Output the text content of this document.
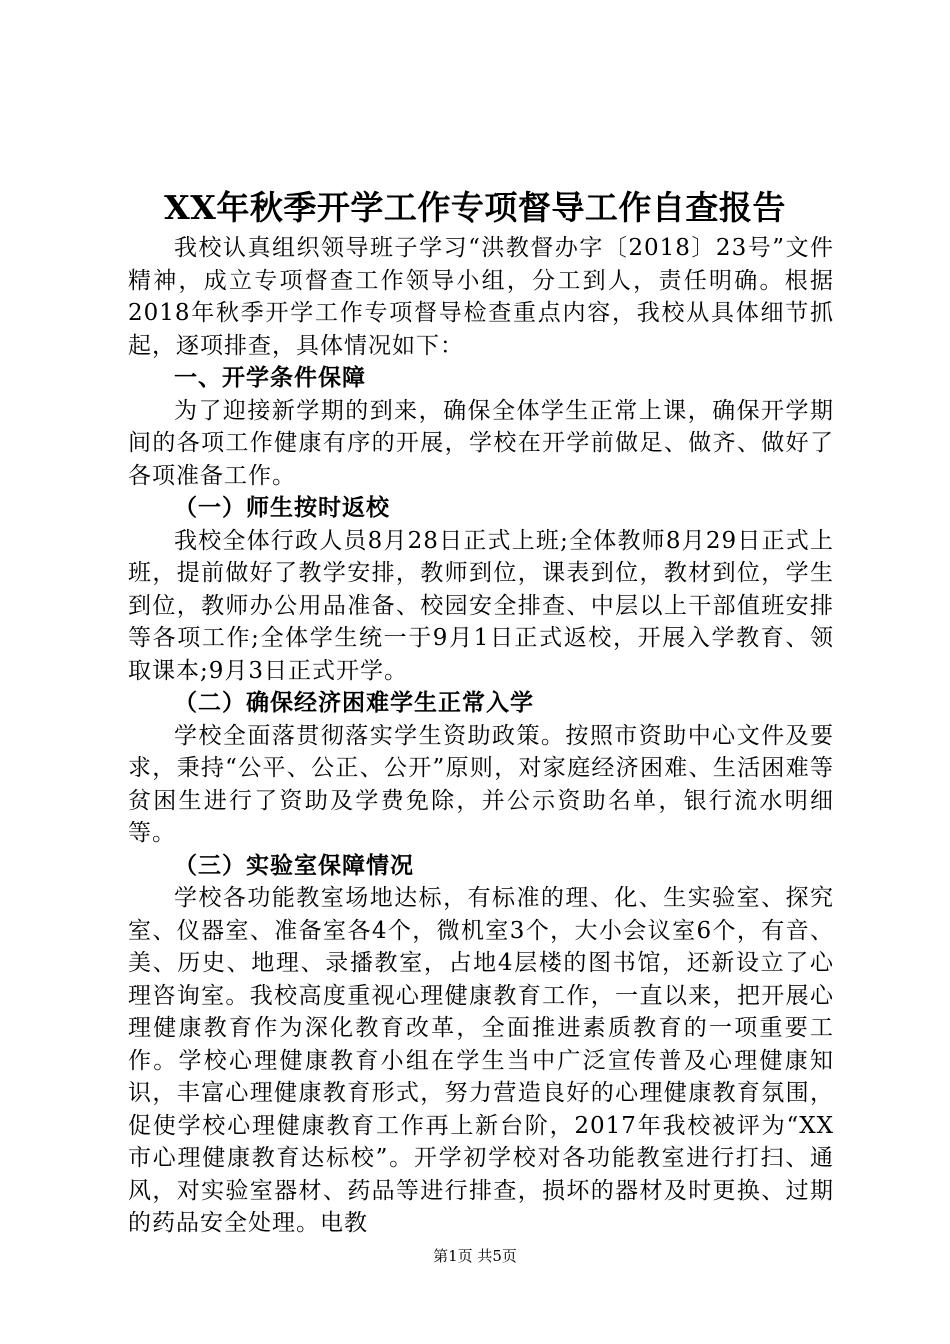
XX年秋季开学工作专项督导工作自查报告

我校认真组织领导班子学习“洪教督办字〔2018〕23号”文件精神，成立专项督查工作领导小组，分工到人，责任明确。根据2018年秋季开学工作专项督导检查重点内容，我校从具体细节抓起，逐项排查，具体情况如下：

一、开学条件保障

为了迎接新学期的到来，确保全体学生正常上课，确保开学期间的各项工作健康有序的开展，学校在开学前做足、做齐、做好了各项准备工作。

（一）师生按时返校

我校全体行政人员8月28日正式上班;全体教师8月29日正式上班，提前做好了教学安排，教师到位，课表到位，教材到位，学生到位，教师办公用品准备、校园安全排查、中层以上干部值班安排等各项工作;全体学生统一于9月1日正式返校，开展入学教育、领取课本;9月3日正式开学。

（二）确保经济困难学生正常入学

学校全面落贯彻落实学生资助政策。按照市资助中心文件及要求，秉持“公平、公正、公开”原则，对家庭经济困难、生活困难等贫困生进行了资助及学费免除，并公示资助名单，银行流水明细等。

（三）实验室保障情况

学校各功能教室场地达标，有标准的理、化、生实验室、探究室、仪器室、准备室各4个，微机室3个，大小会议室6个，有音、美、历史、地理、录播教室，占地4层楼的图书馆，还新设立了心理咨询室。我校高度重视心理健康教育工作，一直以来，把开展心理健康教育作为深化教育改革，全面推进素质教育的一项重要工作。学校心理健康教育小组在学生当中广泛宣传普及心理健康知识，丰富心理健康教育形式，努力营造良好的心理健康教育氛围，促使学校心理健康教育工作再上新台阶，2017年我校被评为“XX市心理健康教育达标校”。开学初学校对各功能教室进行打扫、通风，对实验室器材、药品等进行排查，损坏的器材及时更换、过期的药品安全处理。电教

第1页 共5页
